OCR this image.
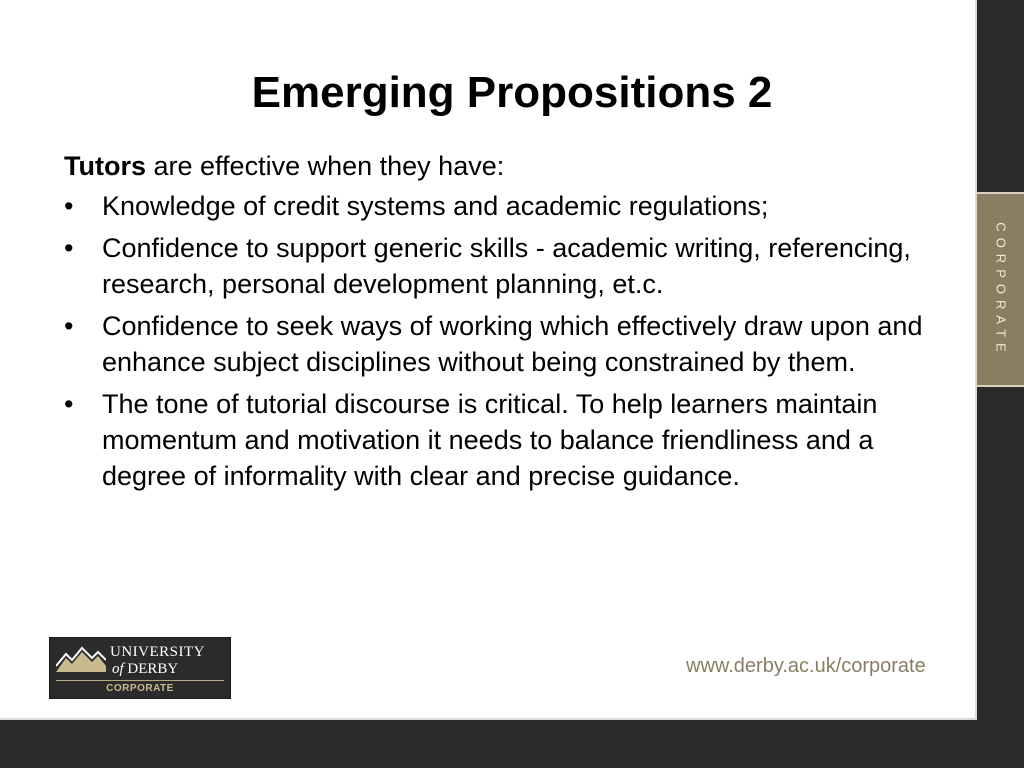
CORPORATE
Emerging Propositions 2

Tutors are effective when they have:

• Knowledge of credit systems and academic regulations;
• Confidence to support generic skills - academic writing, referencing, research, personal development planning, et.c.
• Confidence to seek ways of working which effectively draw upon and enhance subject disciplines without being constrained by them.
• The tone of tutorial discourse is critical. To help learners maintain momentum and motivation it needs to balance friendliness and a degree of informality with clear and precise guidance.
UNIVERSITY
of DERBY
CORPORATE
www.derby.ac.uk/corporate
